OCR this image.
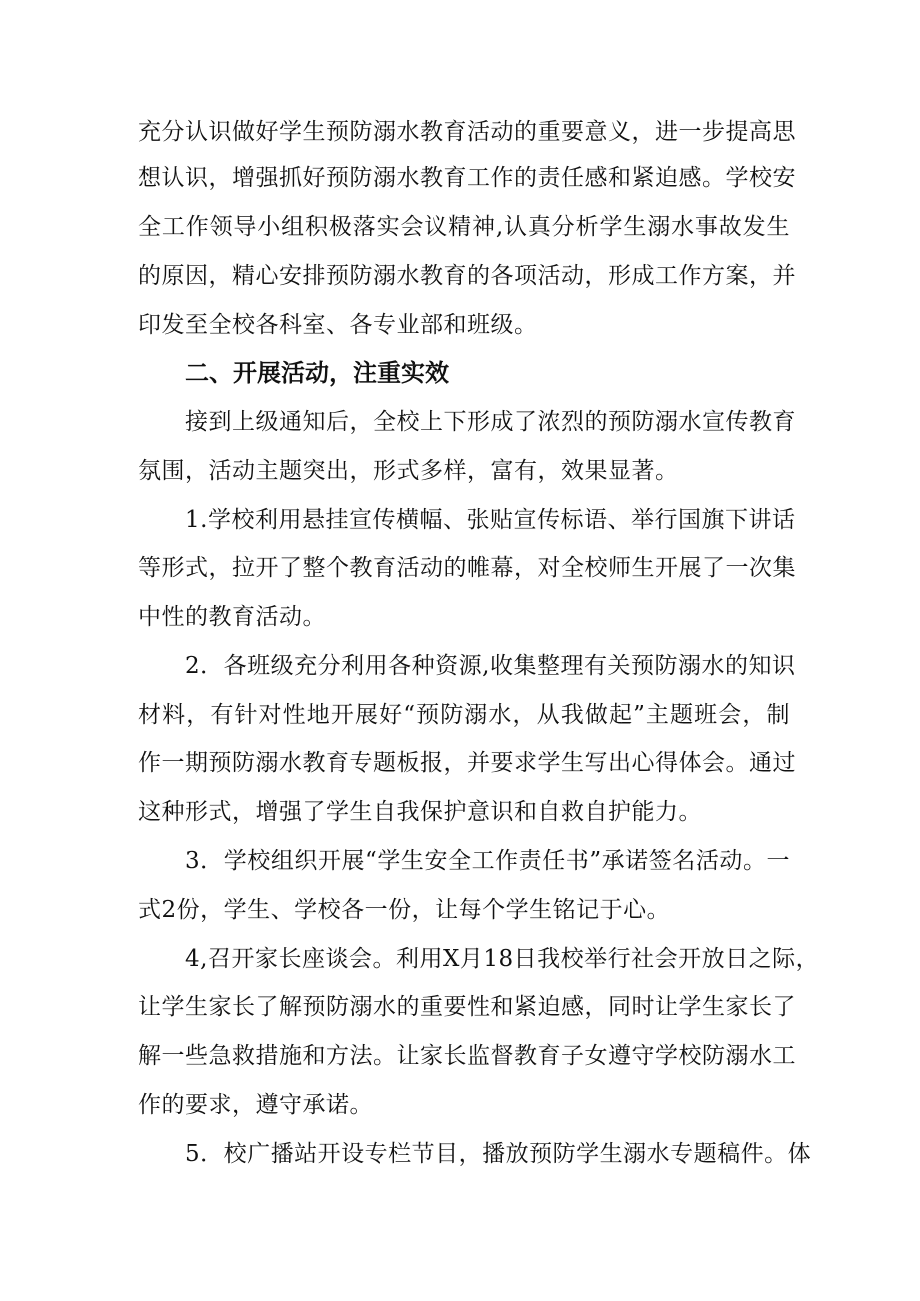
充分认识做好学生预防溺水教育活动的重要意义，进一步提高思
想认识，增强抓好预防溺水教育工作的责任感和紧迫感。学校安
全工作领导小组积极落实会议精神,认真分析学生溺水事故发生
的原因，精心安排预防溺水教育的各项活动，形成工作方案，并
印发至全校各科室、各专业部和班级。
二、开展活动，注重实效
接到上级通知后，全校上下形成了浓烈的预防溺水宣传教育
氛围，活动主题突出，形式多样，富有，效果显著。
1.学校利用悬挂宣传横幅、张贴宣传标语、举行国旗下讲话
等形式，拉开了整个教育活动的帷幕，对全校师生开展了一次集
中性的教育活动。
2．各班级充分利用各种资源,收集整理有关预防溺水的知识
材料，有针对性地开展好“预防溺水，从我做起”主题班会，制
作一期预防溺水教育专题板报，并要求学生写出心得体会。通过
这种形式，增强了学生自我保护意识和自救自护能力。
3．学校组织开展“学生安全工作责任书”承诺签名活动。一
式2份，学生、学校各一份，让每个学生铭记于心。
4,召开家长座谈会。利用X月18日我校举行社会开放日之际，
让学生家长了解预防溺水的重要性和紧迫感，同时让学生家长了
解一些急救措施和方法。让家长监督教育子女遵守学校防溺水工
作的要求，遵守承诺。
5．校广播站开设专栏节目，播放预防学生溺水专题稿件。体
